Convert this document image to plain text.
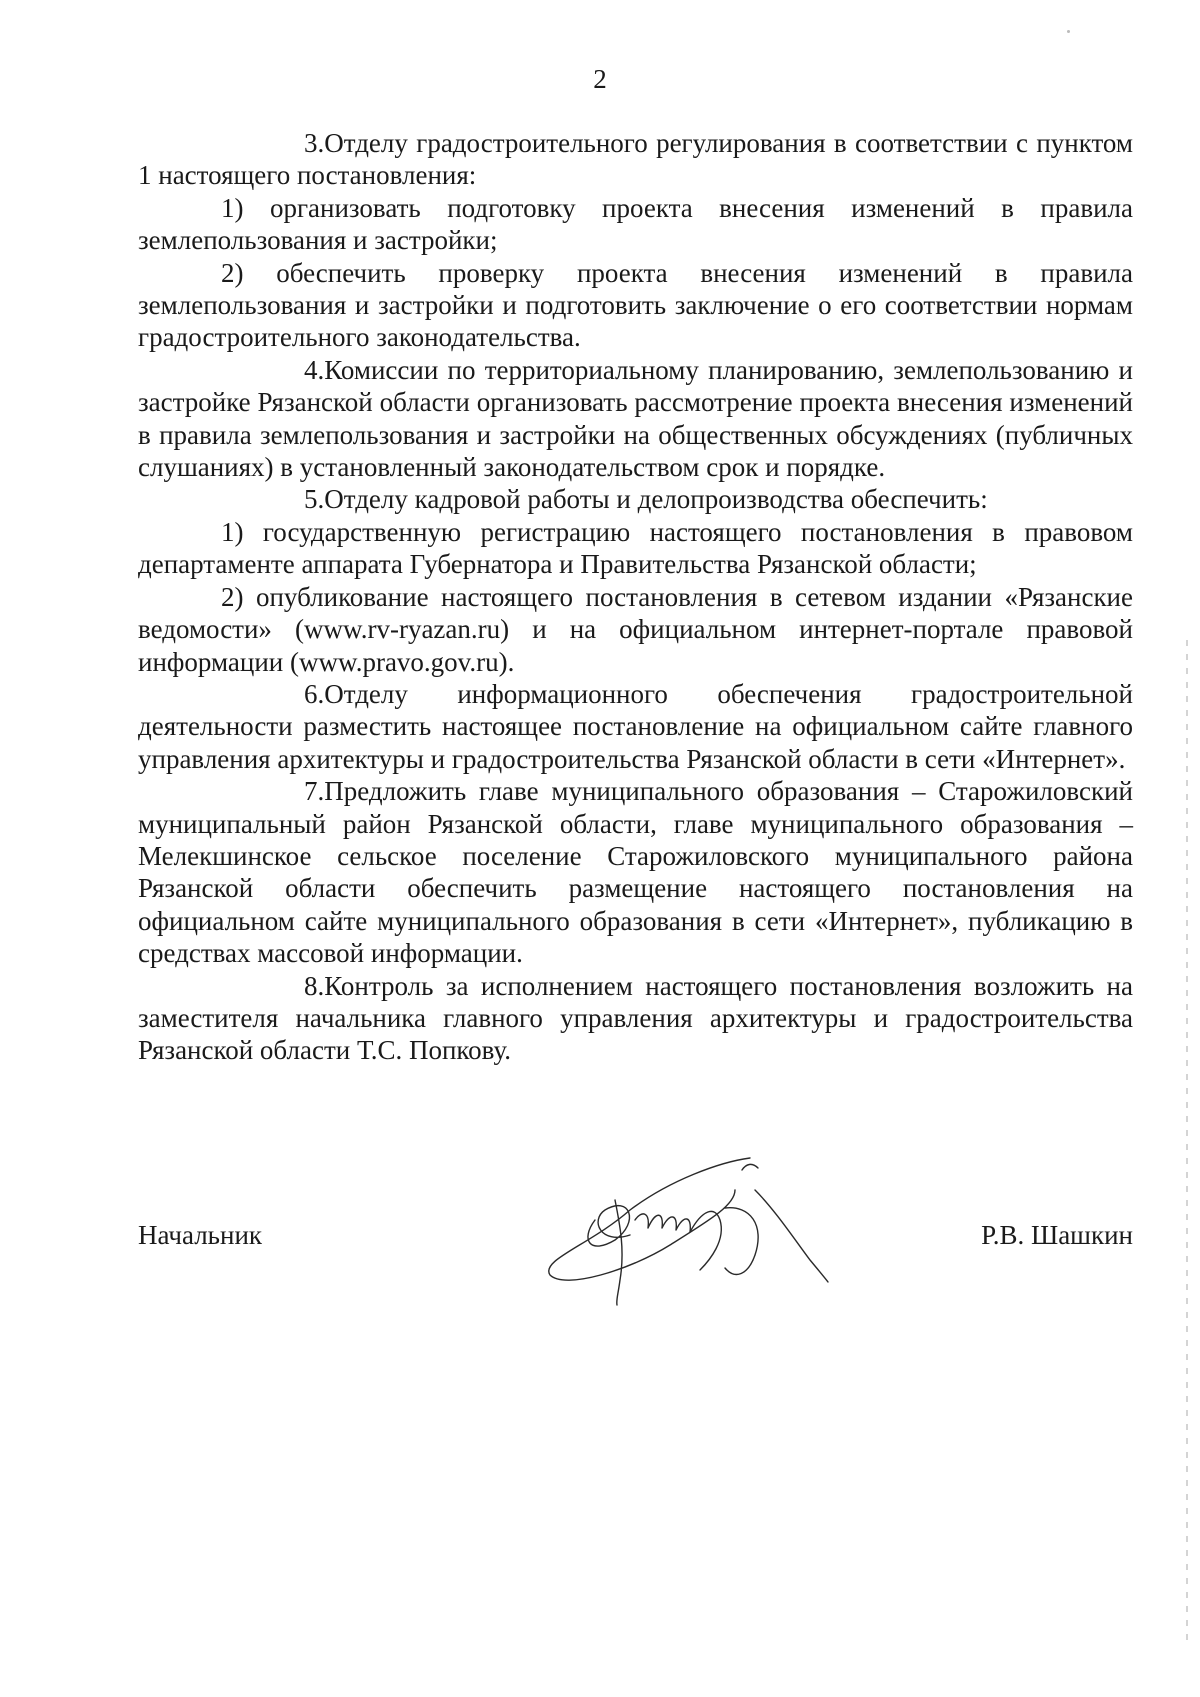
2

3.Отделу градостроительного регулирования в соответствии с пунктом 1 настоящего постановления:

1) организовать подготовку проекта внесения изменений в правила землепользования и застройки;

2) обеспечить проверку проекта внесения изменений в правила землепользования и застройки и подготовить заключение о его соответствии нормам градостроительного законодательства.

4.Комиссии по территориальному планированию, землепользованию и застройке Рязанской области организовать рассмотрение проекта внесения изменений в правила землепользования и застройки на общественных обсуждениях (публичных слушаниях) в установленный законодательством срок и порядке.

5.Отделу кадровой работы и делопроизводства обеспечить:

1) государственную регистрацию настоящего постановления в правовом департаменте аппарата Губернатора и Правительства Рязанской области;

2) опубликование настоящего постановления в сетевом издании «Рязанские ведомости» (www.rv-ryazan.ru) и на официальном интернет-портале правовой информации (www.pravo.gov.ru).

6.Отделу информационного обеспечения градостроительной деятельности разместить настоящее постановление на официальном сайте главного управления архитектуры и градостроительства Рязанской области в сети «Интернет».

7.Предложить главе муниципального образования – Старожиловский муниципальный район Рязанской области, главе муниципального образования – Мелекшинское сельское поселение Старожиловского муниципального района Рязанской области обеспечить размещение настоящего постановления на официальном сайте муниципального образования в сети «Интернет», публикацию в средствах массовой информации.

8.Контроль за исполнением настоящего постановления возложить на заместителя начальника главного управления архитектуры и градостроительства Рязанской области Т.С. Попкову.

Начальник	Р.В. Шашкин
